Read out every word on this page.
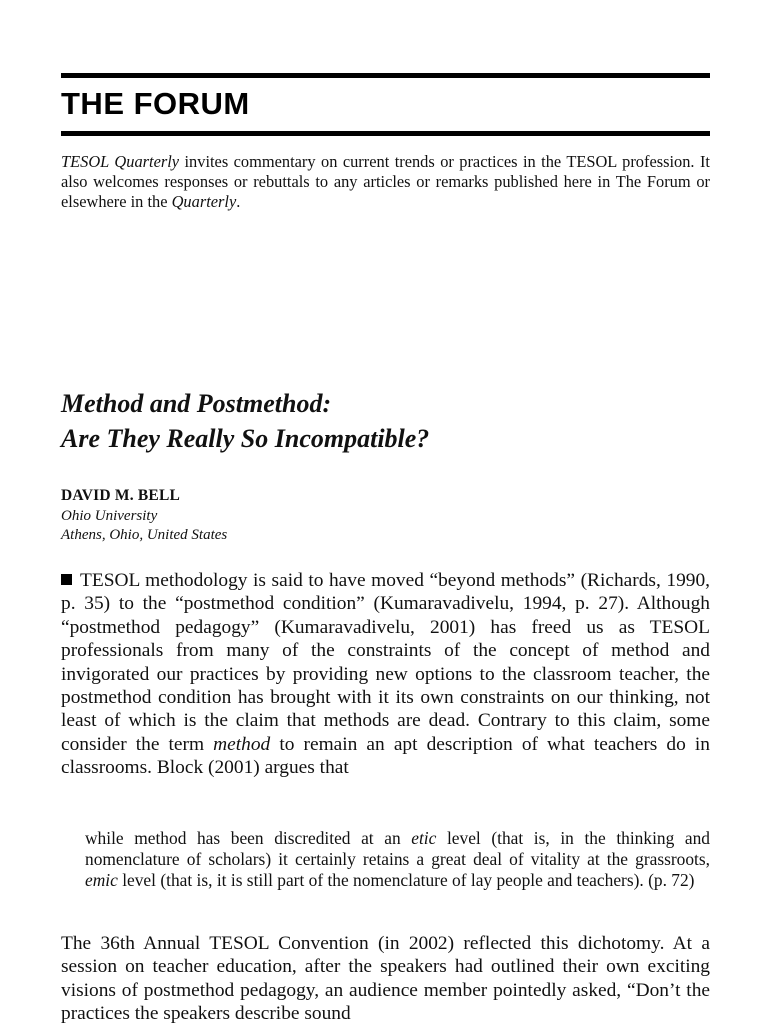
THE FORUM

TESOL Quarterly invites commentary on current trends or practices in the TESOL profession. It also welcomes responses or rebuttals to any articles or remarks published here in The Forum or elsewhere in the Quarterly.

Method and Postmethod:
Are They Really So Incompatible?

DAVID M. BELL

Ohio University
Athens, Ohio, United States

TESOL methodology is said to have moved “beyond methods” (Richards, 1990, p. 35) to the “postmethod condition” (Kumaravadivelu, 1994, p. 27). Although “postmethod pedagogy” (Kumaravadivelu, 2001) has freed us as TESOL professionals from many of the constraints of the concept of method and invigorated our practices by providing new options to the classroom teacher, the postmethod condition has brought with it its own constraints on our thinking, not least of which is the claim that methods are dead. Contrary to this claim, some consider the term method to remain an apt description of what teachers do in classrooms. Block (2001) argues that

while method has been discredited at an etic level (that is, in the thinking and nomenclature of scholars) it certainly retains a great deal of vitality at the grassroots, emic level (that is, it is still part of the nomenclature of lay people and teachers). (p. 72)

The 36th Annual TESOL Convention (in 2002) reflected this dichotomy. At a session on teacher education, after the speakers had outlined their own exciting visions of postmethod pedagogy, an audience member pointedly asked, “Don’t the practices the speakers describe sound
